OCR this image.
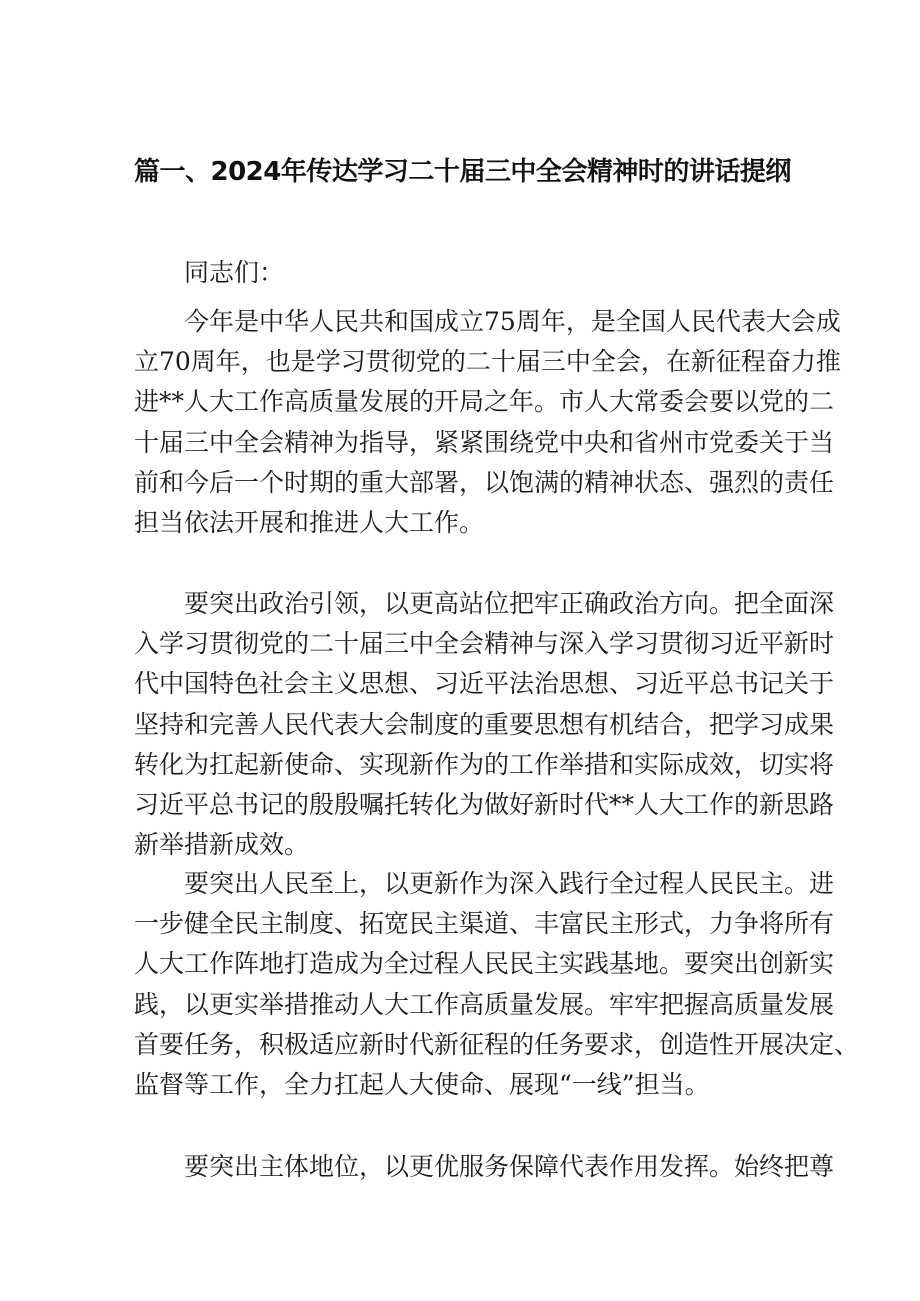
篇一、2024年传达学习二十届三中全会精神时的讲话提纲

同志们：

今年是中华人民共和国成立75周年，是全国人民代表大会成
立70周年，也是学习贯彻党的二十届三中全会，在新征程奋力推
进**人大工作高质量发展的开局之年。市人大常委会要以党的二
十届三中全会精神为指导，紧紧围绕党中央和省州市党委关于当
前和今后一个时期的重大部署，以饱满的精神状态、强烈的责任
担当依法开展和推进人大工作。
要突出政治引领，以更高站位把牢正确政治方向。把全面深
入学习贯彻党的二十届三中全会精神与深入学习贯彻习近平新时
代中国特色社会主义思想、习近平法治思想、习近平总书记关于
坚持和完善人民代表大会制度的重要思想有机结合，把学习成果
转化为扛起新使命、实现新作为的工作举措和实际成效，切实将
习近平总书记的殷殷嘱托转化为做好新时代**人大工作的新思路
新举措新成效。
要突出人民至上，以更新作为深入践行全过程人民民主。进
一步健全民主制度、拓宽民主渠道、丰富民主形式，力争将所有
人大工作阵地打造成为全过程人民民主实践基地。要突出创新实
践，以更实举措推动人大工作高质量发展。牢牢把握高质量发展
首要任务，积极适应新时代新征程的任务要求，创造性开展决定、
监督等工作，全力扛起人大使命、展现“一线”担当。
要突出主体地位，以更优服务保障代表作用发挥。始终把尊
